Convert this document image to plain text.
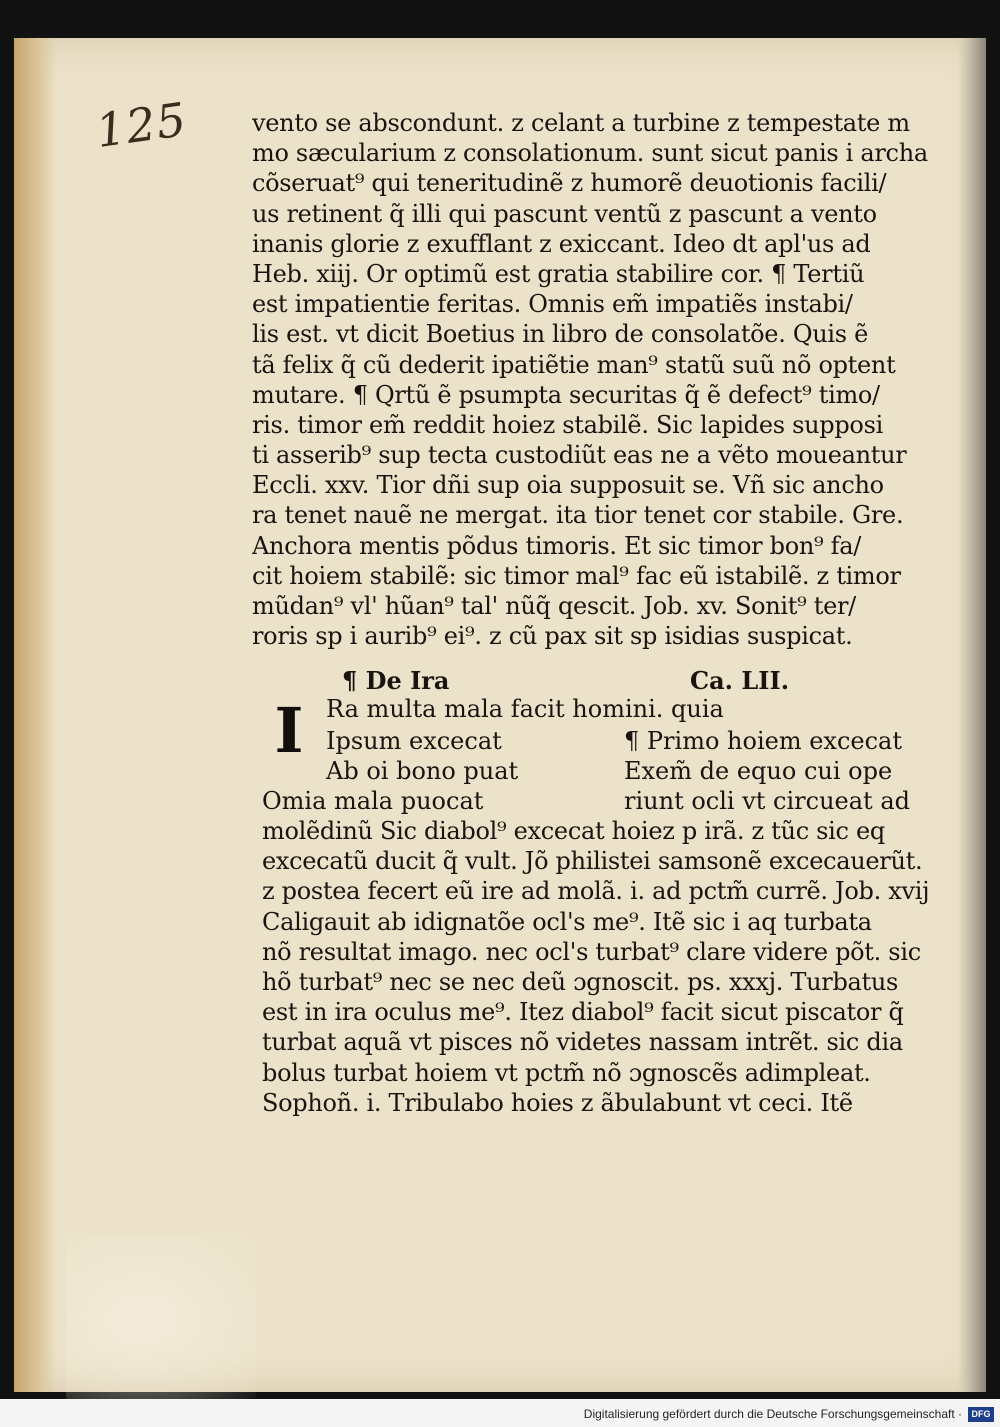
125	vento se abscondunt. z celant a turbine z tempestate m
mo sæcularium z consolationum. sunt sicut panis i archa
cõseruat⁹ qui teneritudinẽ z humorẽ deuotionis facili/
us retinent q̃ illi qui pascunt ventũ z pascunt a vento
inanis glorie z exufflant z exiccant. Ideo dt apl'us ad
Heb. xiij. Or optimũ est gratia stabilire cor. ¶ Tertiũ
est impatientie feritas. Omnis em̃ impatiẽs instabi/
lis est. vt dicit Boetius in libro de consolatõe. Quis ẽ
tã felix q̃ cũ dederit ipatiẽtie man⁹ statũ suũ nõ optent
mutare. ¶ Qrtũ ẽ psumpta securitas q̃ ẽ defect⁹ timo/
ris. timor em̃ reddit hoiez stabilẽ. Sic lapides supposi
ti asserib⁹ sup tecta custodiũt eas ne a vẽto moueantur
Eccli. xxv. Tior dñi sup oia supposuit se. Vñ sic ancho
ra tenet nauẽ ne mergat. ita tior tenet cor stabile. Gre.
Anchora mentis põdus timoris. Et sic timor bon⁹ fa/
cit hoiem stabilẽ: sic timor mal⁹ fac eũ istabilẽ. z timor
mũdan⁹ vl' hũan⁹ tal' nũq̃ qescit. Job. xv. Sonit⁹ ter/
roris sp i aurib⁹ ei⁹. z cũ pax sit sp isidias suspicat.
¶ De Ira	Ca. LII.
I Ra multa mala facit homini. quia
Ipsum excecat
Ab oi bono puat
Omia mala puocat
¶ Primo hoiem excecat
Exem̃ de equo cui ope
riunt ocli vt circueat ad
molẽdinũ Sic diabol⁹ excecat hoiez p irã. z tũc sic eq
excecatũ ducit q̃ vult. Jõ philistei samsonẽ excecauerũt.
z postea fecert eũ ire ad molã. i. ad pctm̃ currẽ. Job. xvij
Caligauit ab idignatõe ocl's me⁹. Itẽ sic i aq turbata
nõ resultat imago. nec ocl's turbat⁹ clare videre põt. sic
hõ turbat⁹ nec se nec deũ ɔgnoscit. ps. xxxj. Turbatus
est in ira oculus me⁹. Itez diabol⁹ facit sicut piscator q̃
turbat aquã vt pisces nõ videtes nassam intrẽt. sic dia
bolus turbat hoiem vt pctm̃ nõ ɔgnoscẽs adimpleat.
Sophoñ. i. Tribulabo hoies z ãbulabunt vt ceci. Itẽ
Digitalisierung gefördert durch die Deutsche Forschungsgemeinschaft ·	DFG
